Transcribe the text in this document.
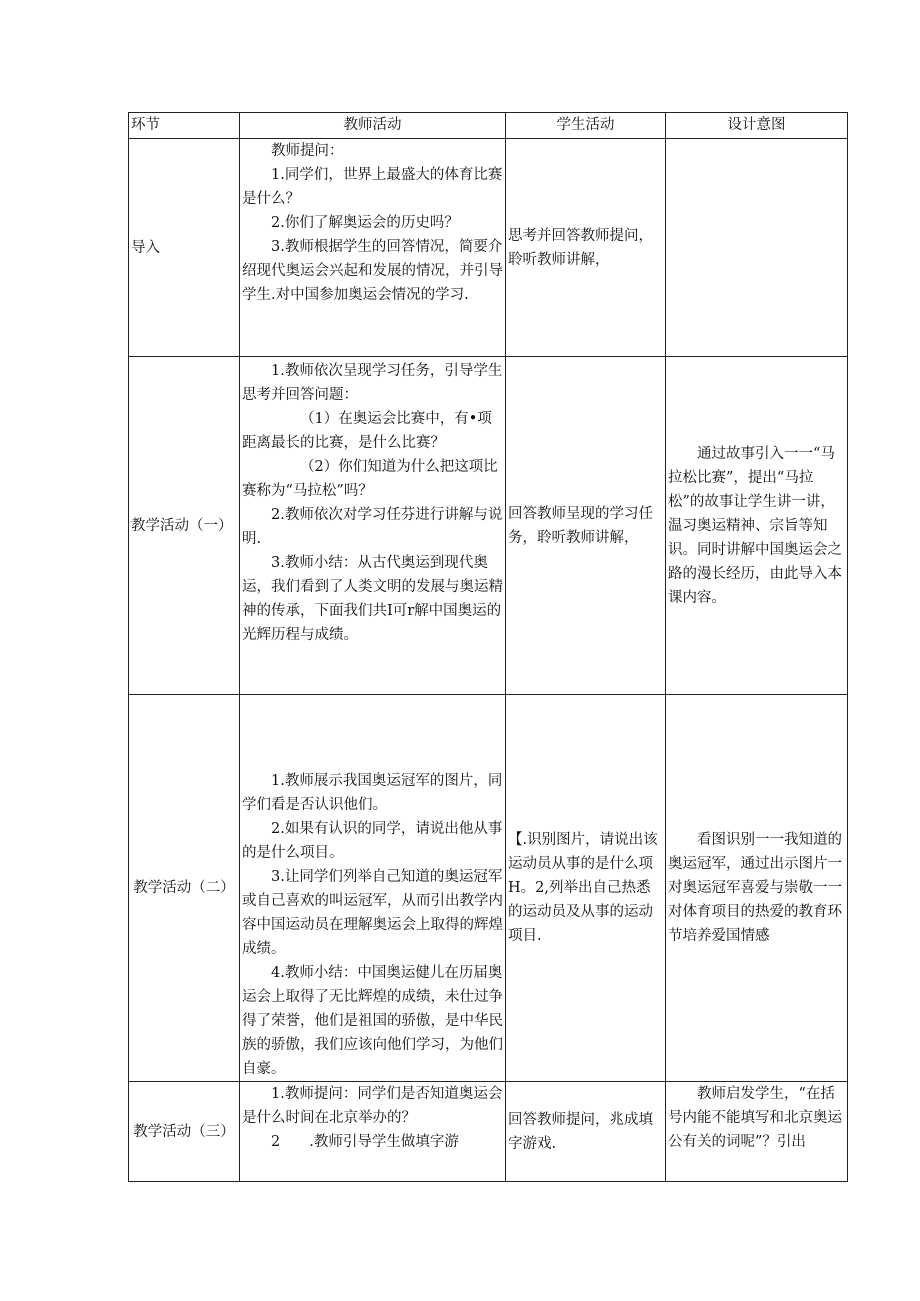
环节	教师活动	学生活动	设计意图
导入	教师提问：

1.同学们，世界上最盛大的体育比赛是什么？

2.你们了解奥运会的历史吗？

3.教师根据学生的回答情况，简要介绍现代奥运会兴起和发展的情况，并引导学生.对中国参加奥运会情况的学习.	思考并回答教师提问，聆听教师讲解，	
教学活动（一）	1.教师依次呈现学习任务，引导学生思考并回答问题：

（1）在奥运会比赛中，有•项距离最长的比赛，是什么比赛？

（2）你们知道为什么把这项比赛称为“马拉松”吗？

2.教师依次对学习任芬进行讲解与说明.

3.教师小结：从古代奥运到现代奥运，我们看到了人类文明的发展与奥运精神的传承，下面我们共I可r解中国奥运的光辉历程与成绩。	回答教师呈现的学习任务，聆听教师讲解，	通过故事引入一一“马拉松比赛”，提出“马拉松”的故事让学生讲一讲，温习奥运精神、宗旨等知识。同时讲解中国奥运会之路的漫长经历，由此导入本课内容。
教学活动（二）	1.教师展示我国奥运冠军的图片，同学们看是否认识他们。

2.如果有认识的同学，请说出他从事的是什么项目。

3.让同学们列举自己知道的奥运冠军或自己喜欢的叫运冠军，从而引出教学内容中国运动员在理解奥运会上取得的辉煌成绩。

4.教师小结：中国奥运健儿在历届奥运会上取得了无比辉煌的成绩，未仕过争得了荣誉，他们是祖国的骄傲，是中华民族的骄傲，我们应该向他们学习，为他们自豪。	【.识别图片，请说出该运动员从事的是什么项H。2,列举出自己热悉的运动员及从事的运动项目.	看图识别一一我知道的奥运冠军，通过出示图片一对奥运冠军喜爱与崇敬一一对体育项目的热爱的教育环节培养爱国情感
教学活动（三）	1.教师提问：同学们是否知道奥运会是什么时间在北京举办的？

2　　.教师引导学生做填字游	回答教师提问，兆成填字游戏.	教师启发学生，“在括号内能不能填写和北京奥运公有关的词呢”？引出
